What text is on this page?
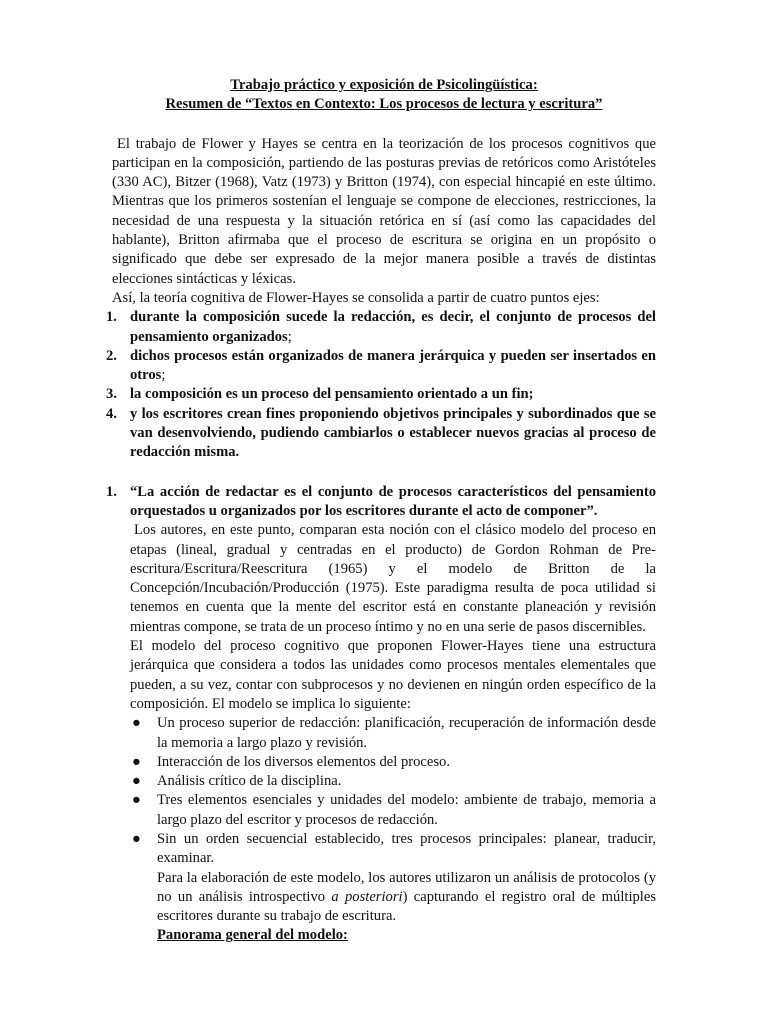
Trabajo práctico y exposición de Psicolingüística:
Resumen de “Textos en Contexto: Los procesos de lectura y escritura”

El trabajo de Flower y Hayes se centra en la teorización de los procesos cognitivos que participan en la composición, partiendo de las posturas previas de retóricos como Aristóteles (330 AC), Bitzer (1968), Vatz (1973) y Britton (1974), con especial hincapié en este último. Mientras que los primeros sostenían el lenguaje se compone de elecciones, restricciones, la necesidad de una respuesta y la situación retórica en sí (así como las capacidades del hablante), Britton afirmaba que el proceso de escritura se origina en un propósito o significado que debe ser expresado de la mejor manera posible a través de distintas elecciones sintácticas y léxicas.

Así, la teoría cognitiva de Flower-Hayes se consolida a partir de cuatro puntos ejes:

1. durante la composición sucede la redacción, es decir, el conjunto de procesos del pensamiento organizados;
2. dichos procesos están organizados de manera jerárquica y pueden ser insertados en otros;
3. la composición es un proceso del pensamiento orientado a un fin;
4. y los escritores crean fines proponiendo objetivos principales y subordinados que se van desenvolviendo, pudiendo cambiarlos o establecer nuevos gracias al proceso de redacción misma.
1. “La acción de redactar es el conjunto de procesos característicos del pensamiento orquestados u organizados por los escritores durante el acto de componer”.

Los autores, en este punto, comparan esta noción con el clásico modelo del proceso en etapas (lineal, gradual y centradas en el producto) de Gordon Rohman de Pre-escritura/Escritura/Reescritura (1965) y el modelo de Britton de la Concepción/Incubación/Producción (1975). Este paradigma resulta de poca utilidad si tenemos en cuenta que la mente del escritor está en constante planeación y revisión mientras compone, se trata de un proceso íntimo y no en una serie de pasos discernibles.

El modelo del proceso cognitivo que proponen Flower-Hayes tiene una estructura jerárquica que considera a todos las unidades como procesos mentales elementales que pueden, a su vez, contar con subprocesos y no devienen en ningún orden específico de la composición. El modelo se implica lo siguiente:

● Un proceso superior de redacción: planificación, recuperación de información desde la memoria a largo plazo y revisión.
● Interacción de los diversos elementos del proceso.
● Análisis crítico de la disciplina.
● Tres elementos esenciales y unidades del modelo: ambiente de trabajo, memoria a largo plazo del escritor y procesos de redacción.
● Sin un orden secuencial establecido, tres procesos principales: planear, traducir, examinar.
Para la elaboración de este modelo, los autores utilizaron un análisis de protocolos (y no un análisis introspectivo a posteriori) capturando el registro oral de múltiples escritores durante su trabajo de escritura.
Panorama general del modelo:
